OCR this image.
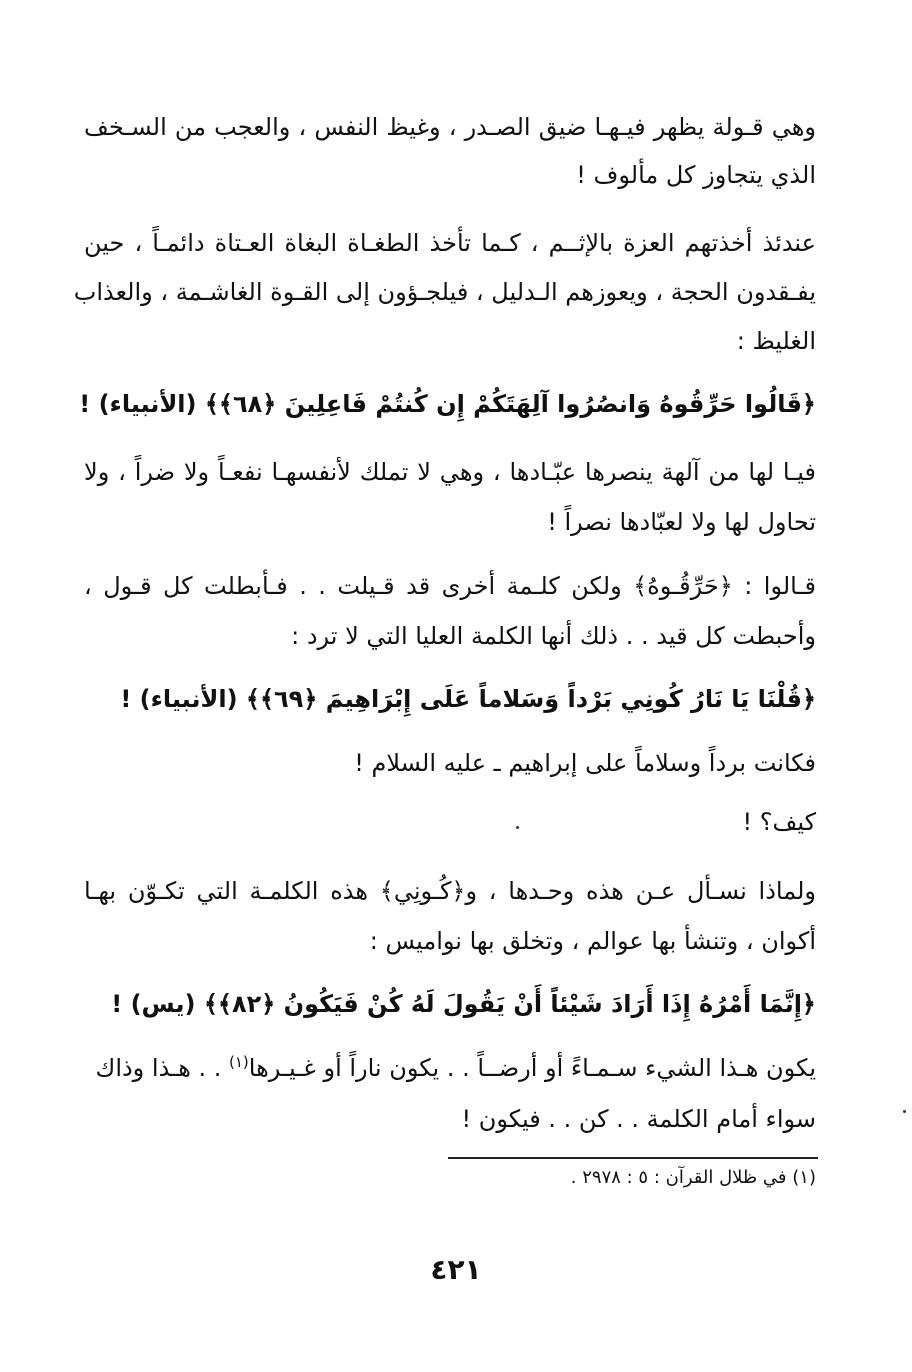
وهي قـولة يظهر فيـهـا ضيق الصـدر ، وغيظ النفس ، والعجب من السـخف
الذي يتجاوز كل مألوف !
عندئذ أخذتهم العزة بالإثــم ، كـما تأخذ الطغـاة البغاة العـتاة دائمـاً ، حين
يفـقدون الحجة ، ويعوزهم الـدليل ، فيلجـؤون إلى القـوة الغاشـمة ، والعذاب
الغليظ :
﴿قَالُوا حَرِّقُوهُ وَانصُرُوا آلِهَتَكُمْ إِن كُنتُمْ فَاعِلِينَ ﴿٦٨﴾﴾ (الأنبياء) !
فيـا لها من آلهة ينصرها عبّـادها ، وهي لا تملك لأنفسهـا نفعـاً ولا ضراً ، ولا
تحاول لها ولا لعبّادها نصراً !
قـالوا : ﴿حَرِّقُـوهُ﴾ ولكن كلـمة أخرى قد قـيلت . . فـأبطلت كل قـول ،
وأحبطت كل قيد . . ذلك أنها الكلمة العليا التي لا ترد :
﴿قُلْنَا يَا نَارُ كُونِي بَرْداً وَسَلاماً عَلَى إِبْرَاهِيمَ ﴿٦٩﴾﴾ (الأنبياء) !
فكانت برداً وسلاماً على إبراهيم ـ عليه السلام !
كيف؟ !
ولماذا نسـأل عـن هذه وحـدها ، و﴿كُـونِي﴾ هذه الكلمـة التي تكـوّن بهـا
أكوان ، وتنشأ بها عوالم ، وتخلق بها نواميس :
﴿إِنَّمَا أَمْرُهُ إِذَا أَرَادَ شَيْئاً أَنْ يَقُولَ لَهُ كُنْ فَيَكُونُ ﴿٨٢﴾﴾ (يس) !
يكون هـذا الشيء سـمـاءً أو أرضــاً . . يكون ناراً أو غـيـرها$^{(١)}$ . . هـذا وذاك
سواء أمام الكلمة . . كن . . فيكون !
(١) في ظلال القرآن : ٥ : ٢٩٧٨ .
٤٢١
